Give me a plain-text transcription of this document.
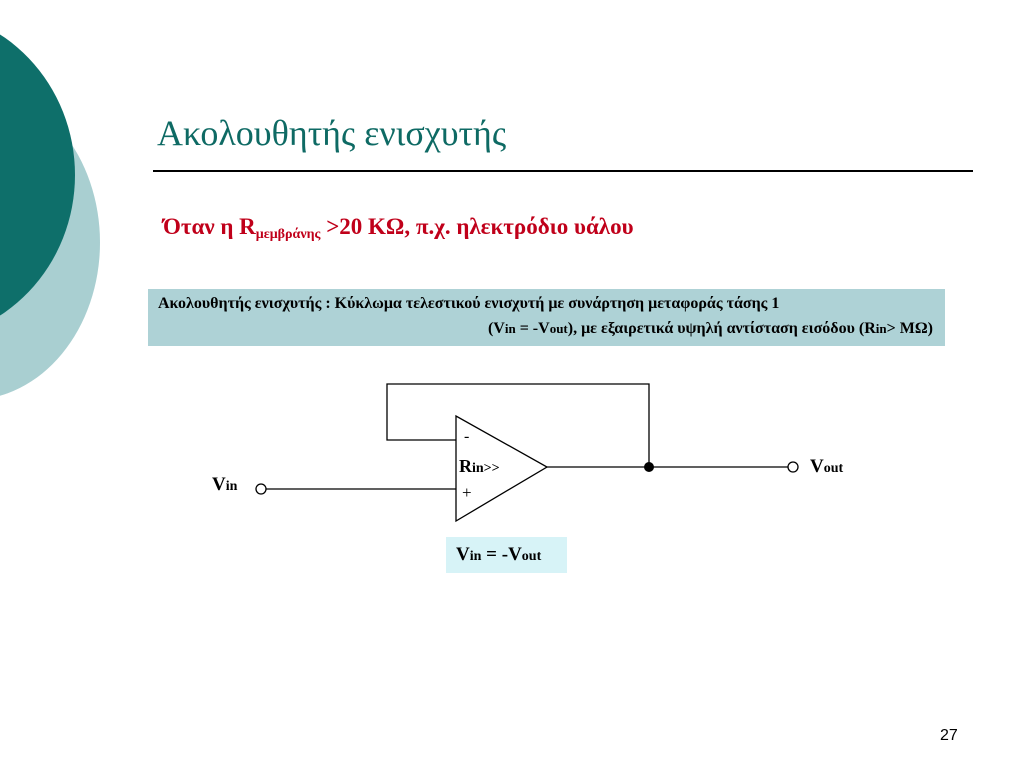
Ακολουθητής ενισχυτής
Όταν η $R_{\mu\varepsilon\mu\beta\rho ά\nu\eta\varsigma} >20$ KΩ, π.χ. ηλεκτρόδιο υάλου
Ακολουθητής ενισχυτής : Κύκλωμα τελεστικού ενισχυτή με συνάρτηση μεταφοράς τάσης 1
(Vin = -Vout), με εξαιρετικά υψηλή αντίσταση εισόδου (Rin> MΩ)
Vin
Vout
-
+
Rin>>
Vin = -Vout
27
